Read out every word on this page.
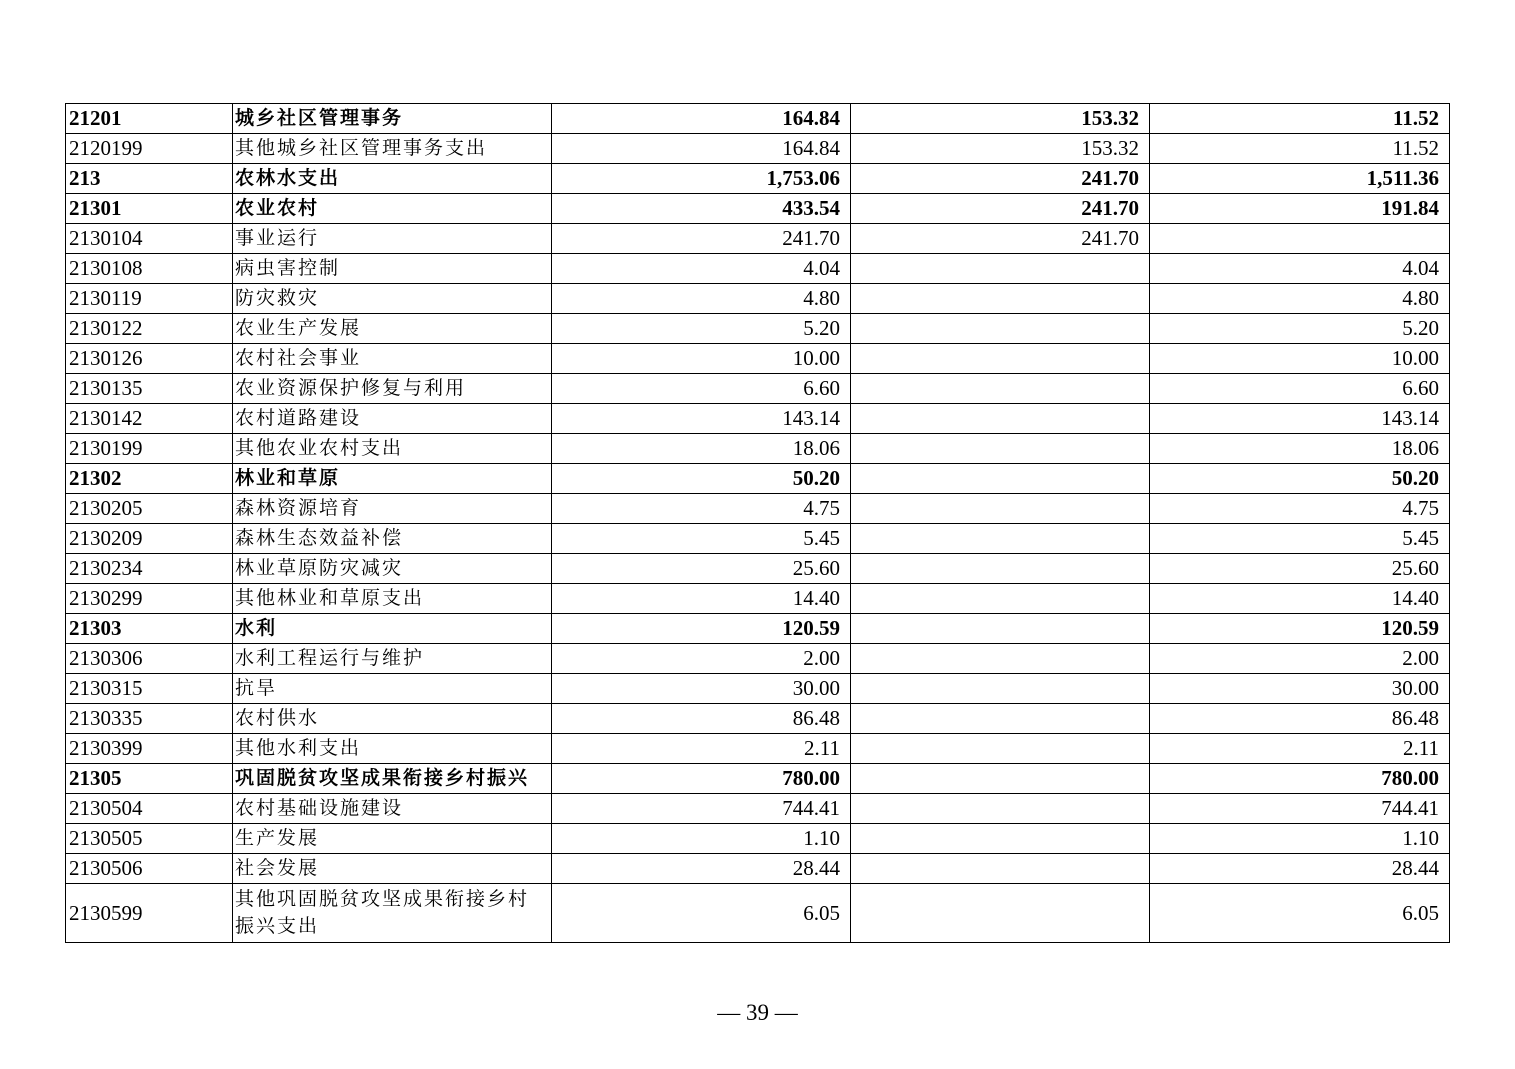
21201	城乡社区管理事务	164.84	153.32	11.52
2120199	其他城乡社区管理事务支出	164.84	153.32	11.52
213	农林水支出	1,753.06	241.70	1,511.36
21301	农业农村	433.54	241.70	191.84
2130104	事业运行	241.70	241.70	
2130108	病虫害控制	4.04		4.04
2130119	防灾救灾	4.80		4.80
2130122	农业生产发展	5.20		5.20
2130126	农村社会事业	10.00		10.00
2130135	农业资源保护修复与利用	6.60		6.60
2130142	农村道路建设	143.14		143.14
2130199	其他农业农村支出	18.06		18.06
21302	林业和草原	50.20		50.20
2130205	森林资源培育	4.75		4.75
2130209	森林生态效益补偿	5.45		5.45
2130234	林业草原防灾减灾	25.60		25.60
2130299	其他林业和草原支出	14.40		14.40
21303	水利	120.59		120.59
2130306	水利工程运行与维护	2.00		2.00
2130315	抗旱	30.00		30.00
2130335	农村供水	86.48		86.48
2130399	其他水利支出	2.11		2.11
21305	巩固脱贫攻坚成果衔接乡村振兴	780.00		780.00
2130504	农村基础设施建设	744.41		744.41
2130505	生产发展	1.10		1.10
2130506	社会发展	28.44		28.44
2130599	其他巩固脱贫攻坚成果衔接乡村振兴支出	6.05		6.05
— 39 —
